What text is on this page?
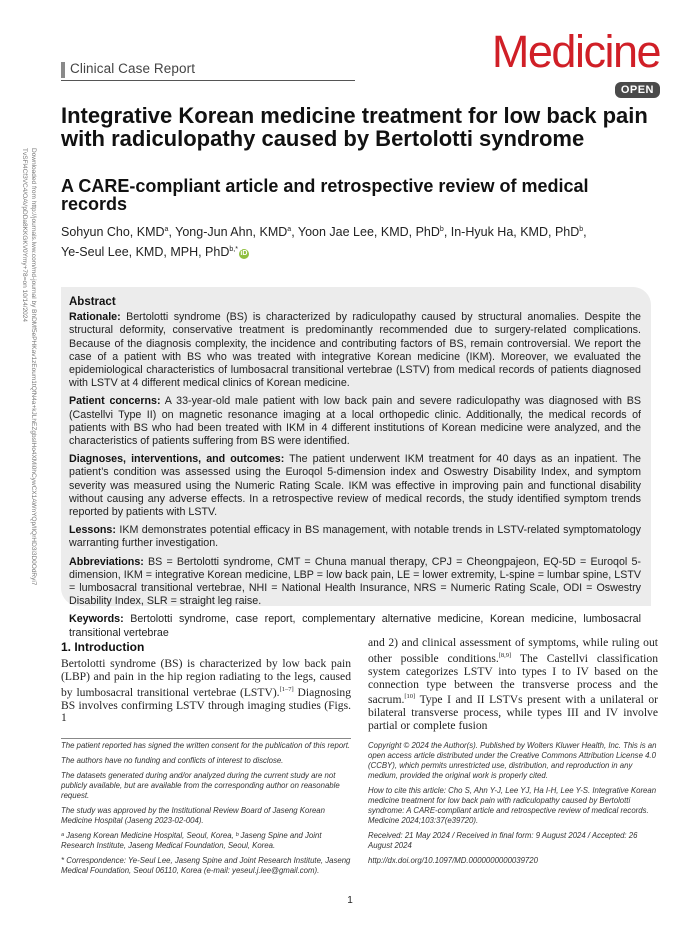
Clinical Case Report	Medicine
OPEN
Downloaded from http://journals.lww.com/md-journal by BhDMf5ePHKav1zEoum1tQfN4a+kJLhEZgbsIHo4XMi0hCywCX1AWnYQp/IlQrHD3i3D0OdRyi7TvSFl4Cf3VC4/OAVpDDa8KKGKV0Ymy+78=on 10/14/2024
Integrative Korean medicine treatment for low back pain with radiculopathy caused by Bertolotti syndrome
A CARE-compliant article and retrospective review of medical records
Sohyun Cho, KMD$^a$, Yong-Jun Ahn, KMD$^a$, Yoon Jae Lee, KMD, PhD$^b$, In-Hyuk Ha, KMD, PhD$^b$,
Ye-Seul Lee, KMD, MPH, PhD$^{b,*}$iD
Abstract

Rationale: Bertolotti syndrome (BS) is characterized by radiculopathy caused by structural anomalies. Despite the structural deformity, conservative treatment is predominantly recommended due to surgery-related complications. Because of the diagnosis complexity, the incidence and contributing factors of BS, remain controversial. We report the case of a patient with BS who was treated with integrative Korean medicine (IKM). Moreover, we evaluated the epidemiological characteristics of lumbosacral transitional vertebrae (LSTV) from medical records of patients diagnosed with LSTV at 4 different medical clinics of Korean medicine.

Patient concerns: A 33-year-old male patient with low back pain and severe radiculopathy was diagnosed with BS (Castellvi Type II) on magnetic resonance imaging at a local orthopedic clinic. Additionally, the medical records of patients with BS who had been treated with IKM in 4 different institutions of Korean medicine were analyzed, and the characteristics of patients suffering from BS were identified.

Diagnoses, interventions, and outcomes: The patient underwent IKM treatment for 40 days as an inpatient. The patient’s condition was assessed using the Euroqol 5-dimension index and Oswestry Disability Index, and symptom severity was measured using the Numeric Rating Scale. IKM was effective in improving pain and functional disability without causing any adverse effects. In a retrospective review of medical records, the study identified symptom trends reported by patients with LSTV.

Lessons: IKM demonstrates potential efficacy in BS management, with notable trends in LSTV-related symptomatology warranting further investigation.

Abbreviations: BS = Bertolotti syndrome, CMT = Chuna manual therapy, CPJ = Cheongpajeon, EQ-5D = Euroqol 5-dimension, IKM = integrative Korean medicine, LBP = low back pain, LE = lower extremity, L-spine = lumbar spine, LSTV = lumbosacral transitional vertebrae, NHI = National Health Insurance, NRS = Numeric Rating Scale, ODI = Oswestry Disability Index, SLR = straight leg raise.

Keywords: Bertolotti syndrome, case report, complementary alternative medicine, Korean medicine, lumbosacral transitional vertebrae

1. Introduction
Bertolotti syndrome (BS) is characterized by low back pain (LBP) and pain in the hip region radiating to the legs, caused by lumbosacral transitional vertebrae (LSTV).[1–7] Diagnosing BS involves confirming LSTV through imaging studies (Figs. 1
and 2) and clinical assessment of symptoms, while ruling out other possible conditions.[8,9] The Castellvi classification system categorizes LSTV into types I to IV based on the connection type between the transverse process and the sacrum.[10] Type I and II LSTVs present with a unilateral or bilateral transverse process, while types III and IV involve partial or complete fusion

The patient reported has signed the written consent for the publication of this report.

The authors have no funding and conflicts of interest to disclose.

The datasets generated during and/or analyzed during the current study are not publicly available, but are available from the corresponding author on reasonable request.

The study was approved by the Institutional Review Board of Jaseng Korean Medicine Hospital (Jaseng 2023-02-004).

ᵃ Jaseng Korean Medicine Hospital, Seoul, Korea, ᵇ Jaseng Spine and Joint Research Institute, Jaseng Medical Foundation, Seoul, Korea.

* Correspondence: Ye-Seul Lee, Jaseng Spine and Joint Research Institute, Jaseng Medical Foundation, Seoul 06110, Korea (e-mail: yeseul.j.lee@gmail.com).

Copyright © 2024 the Author(s). Published by Wolters Kluwer Health, Inc. This is an open access article distributed under the Creative Commons Attribution License 4.0 (CCBY), which permits unrestricted use, distribution, and reproduction in any medium, provided the original work is properly cited.

How to cite this article: Cho S, Ahn Y-J, Lee YJ, Ha I-H, Lee Y-S. Integrative Korean medicine treatment for low back pain with radiculopathy caused by Bertolotti syndrome: A CARE-compliant article and retrospective review of medical records. Medicine 2024;103:37(e39720).

Received: 21 May 2024 / Received in final form: 9 August 2024 / Accepted: 26 August 2024

http://dx.doi.org/10.1097/MD.0000000000039720

1
